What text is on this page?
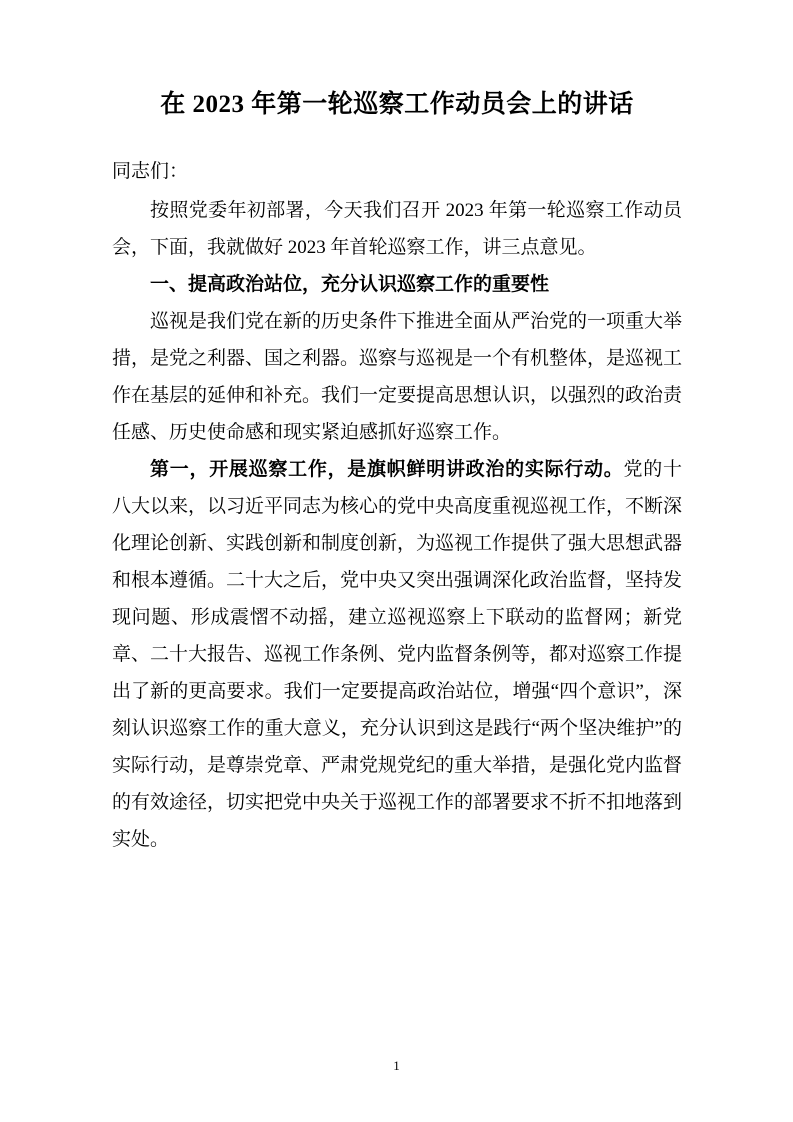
在 2023 年第一轮巡察工作动员会上的讲话
同志们：

按照党委年初部署，今天我们召开 2023 年第一轮巡察工作动员会，下面，我就做好 2023 年首轮巡察工作，讲三点意见。

一、提高政治站位，充分认识巡察工作的重要性

巡视是我们党在新的历史条件下推进全面从严治党的一项重大举措，是党之利器、国之利器。巡察与巡视是一个有机整体，是巡视工作在基层的延伸和补充。我们一定要提高思想认识，以强烈的政治责任感、历史使命感和现实紧迫感抓好巡察工作。

第一，开展巡察工作，是旗帜鲜明讲政治的实际行动。党的十八大以来，以习近平同志为核心的党中央高度重视巡视工作，不断深化理论创新、实践创新和制度创新，为巡视工作提供了强大思想武器和根本遵循。二十大之后，党中央又突出强调深化政治监督，坚持发现问题、形成震慴不动摇，建立巡视巡察上下联动的监督网；新党章、二十大报告、巡视工作条例、党内监督条例等，都对巡察工作提出了新的更高要求。我们一定要提高政治站位，增强“四个意识”，深刻认识巡察工作的重大意义，充分认识到这是践行“两个坚决维护”的实际行动，是尊崇党章、严肃党规党纪的重大举措，是强化党内监督的有效途径，切实把党中央关于巡视工作的部署要求不折不扣地落到实处。

1
